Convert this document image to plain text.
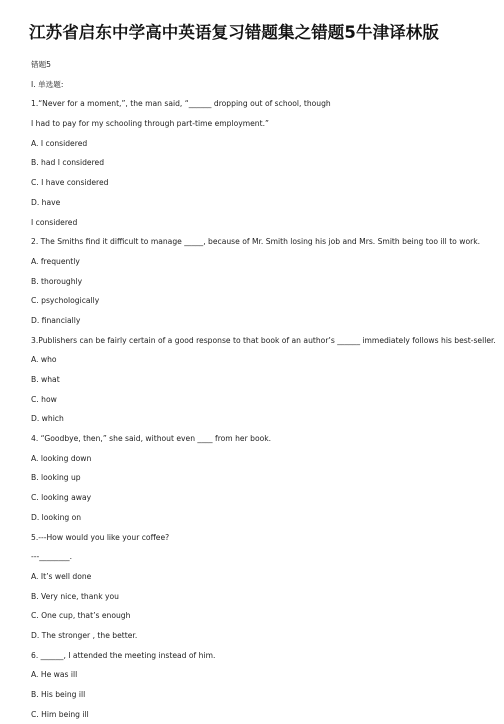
江苏省启东中学高中英语复习错题集之错题5牛津译林版
错题5
I. 单选题:
1.“Never for a moment,”, the man said, “______ dropping out of school, though
I had to pay for my schooling through part-time employment.”
A. I considered
B. had I considered
C. I have considered
D. have
I considered
2. The Smiths find it difficult to manage _____, because of Mr. Smith losing his job and Mrs. Smith being too ill to work.
A. frequently
B. thoroughly
C. psychologically
D. financially
3.Publishers can be fairly certain of a good response to that book of an author’s ______ immediately follows his best-seller.
A. who
B. what
C. how
D. which
4. “Goodbye, then,” she said, without even ____ from her book.
A. looking down
B. looking up
C. looking away
D. looking on
5.---How would you like your coffee?
---________.
A. It’s well done
B. Very nice, thank you
C. One cup, that’s enough
D. The stronger , the better.
6. ______, I attended the meeting instead of him.
A. He was ill
B. His being ill
C. Him being ill
